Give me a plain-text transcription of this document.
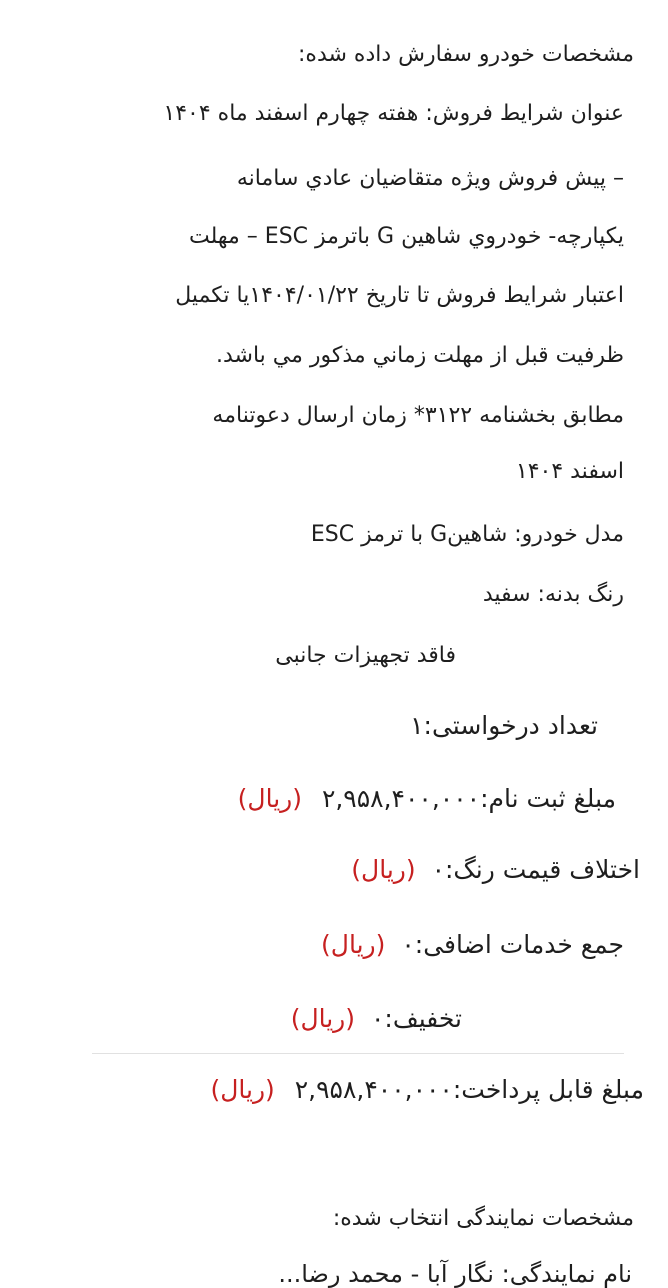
مشخصات خودرو سفارش داده شده:
عنوان شرایط فروش: هفته چهارم اسفند ماه ۱۴۰۴
– پیش فروش ویژه متقاضیان عادي سامانه
یکپارچه- خودروي شاهین G باترمز ESC – مهلت
اعتبار شرایط فروش تا تاریخ ۱۴۰۴/۰۱/۲۲یا تکمیل
ظرفیت قبل از مهلت زماني مذکور مي باشد.
مطابق بخشنامه ۳۱۲۲* زمان ارسال دعوتنامه
اسفند ۱۴۰۴
مدل خودرو: شاهینG با ترمز ESC
رنگ بدنه: سفید
فاقد تجهیزات جانبی
تعداد درخواستی:۱
مبلغ ثبت نام:۲,۹۵۸,۴۰۰,۰۰۰ (ریال)
اختلاف قیمت رنگ:۰ (ریال)
جمع خدمات اضافی:۰ (ریال)
تخفیف:۰ (ریال)
مبلغ قابل پرداخت:۲,۹۵۸,۴۰۰,۰۰۰ (ریال)
مشخصات نمایندگی انتخاب شده:
نام نمایندگی: نگار آبا - محمد رضا...
